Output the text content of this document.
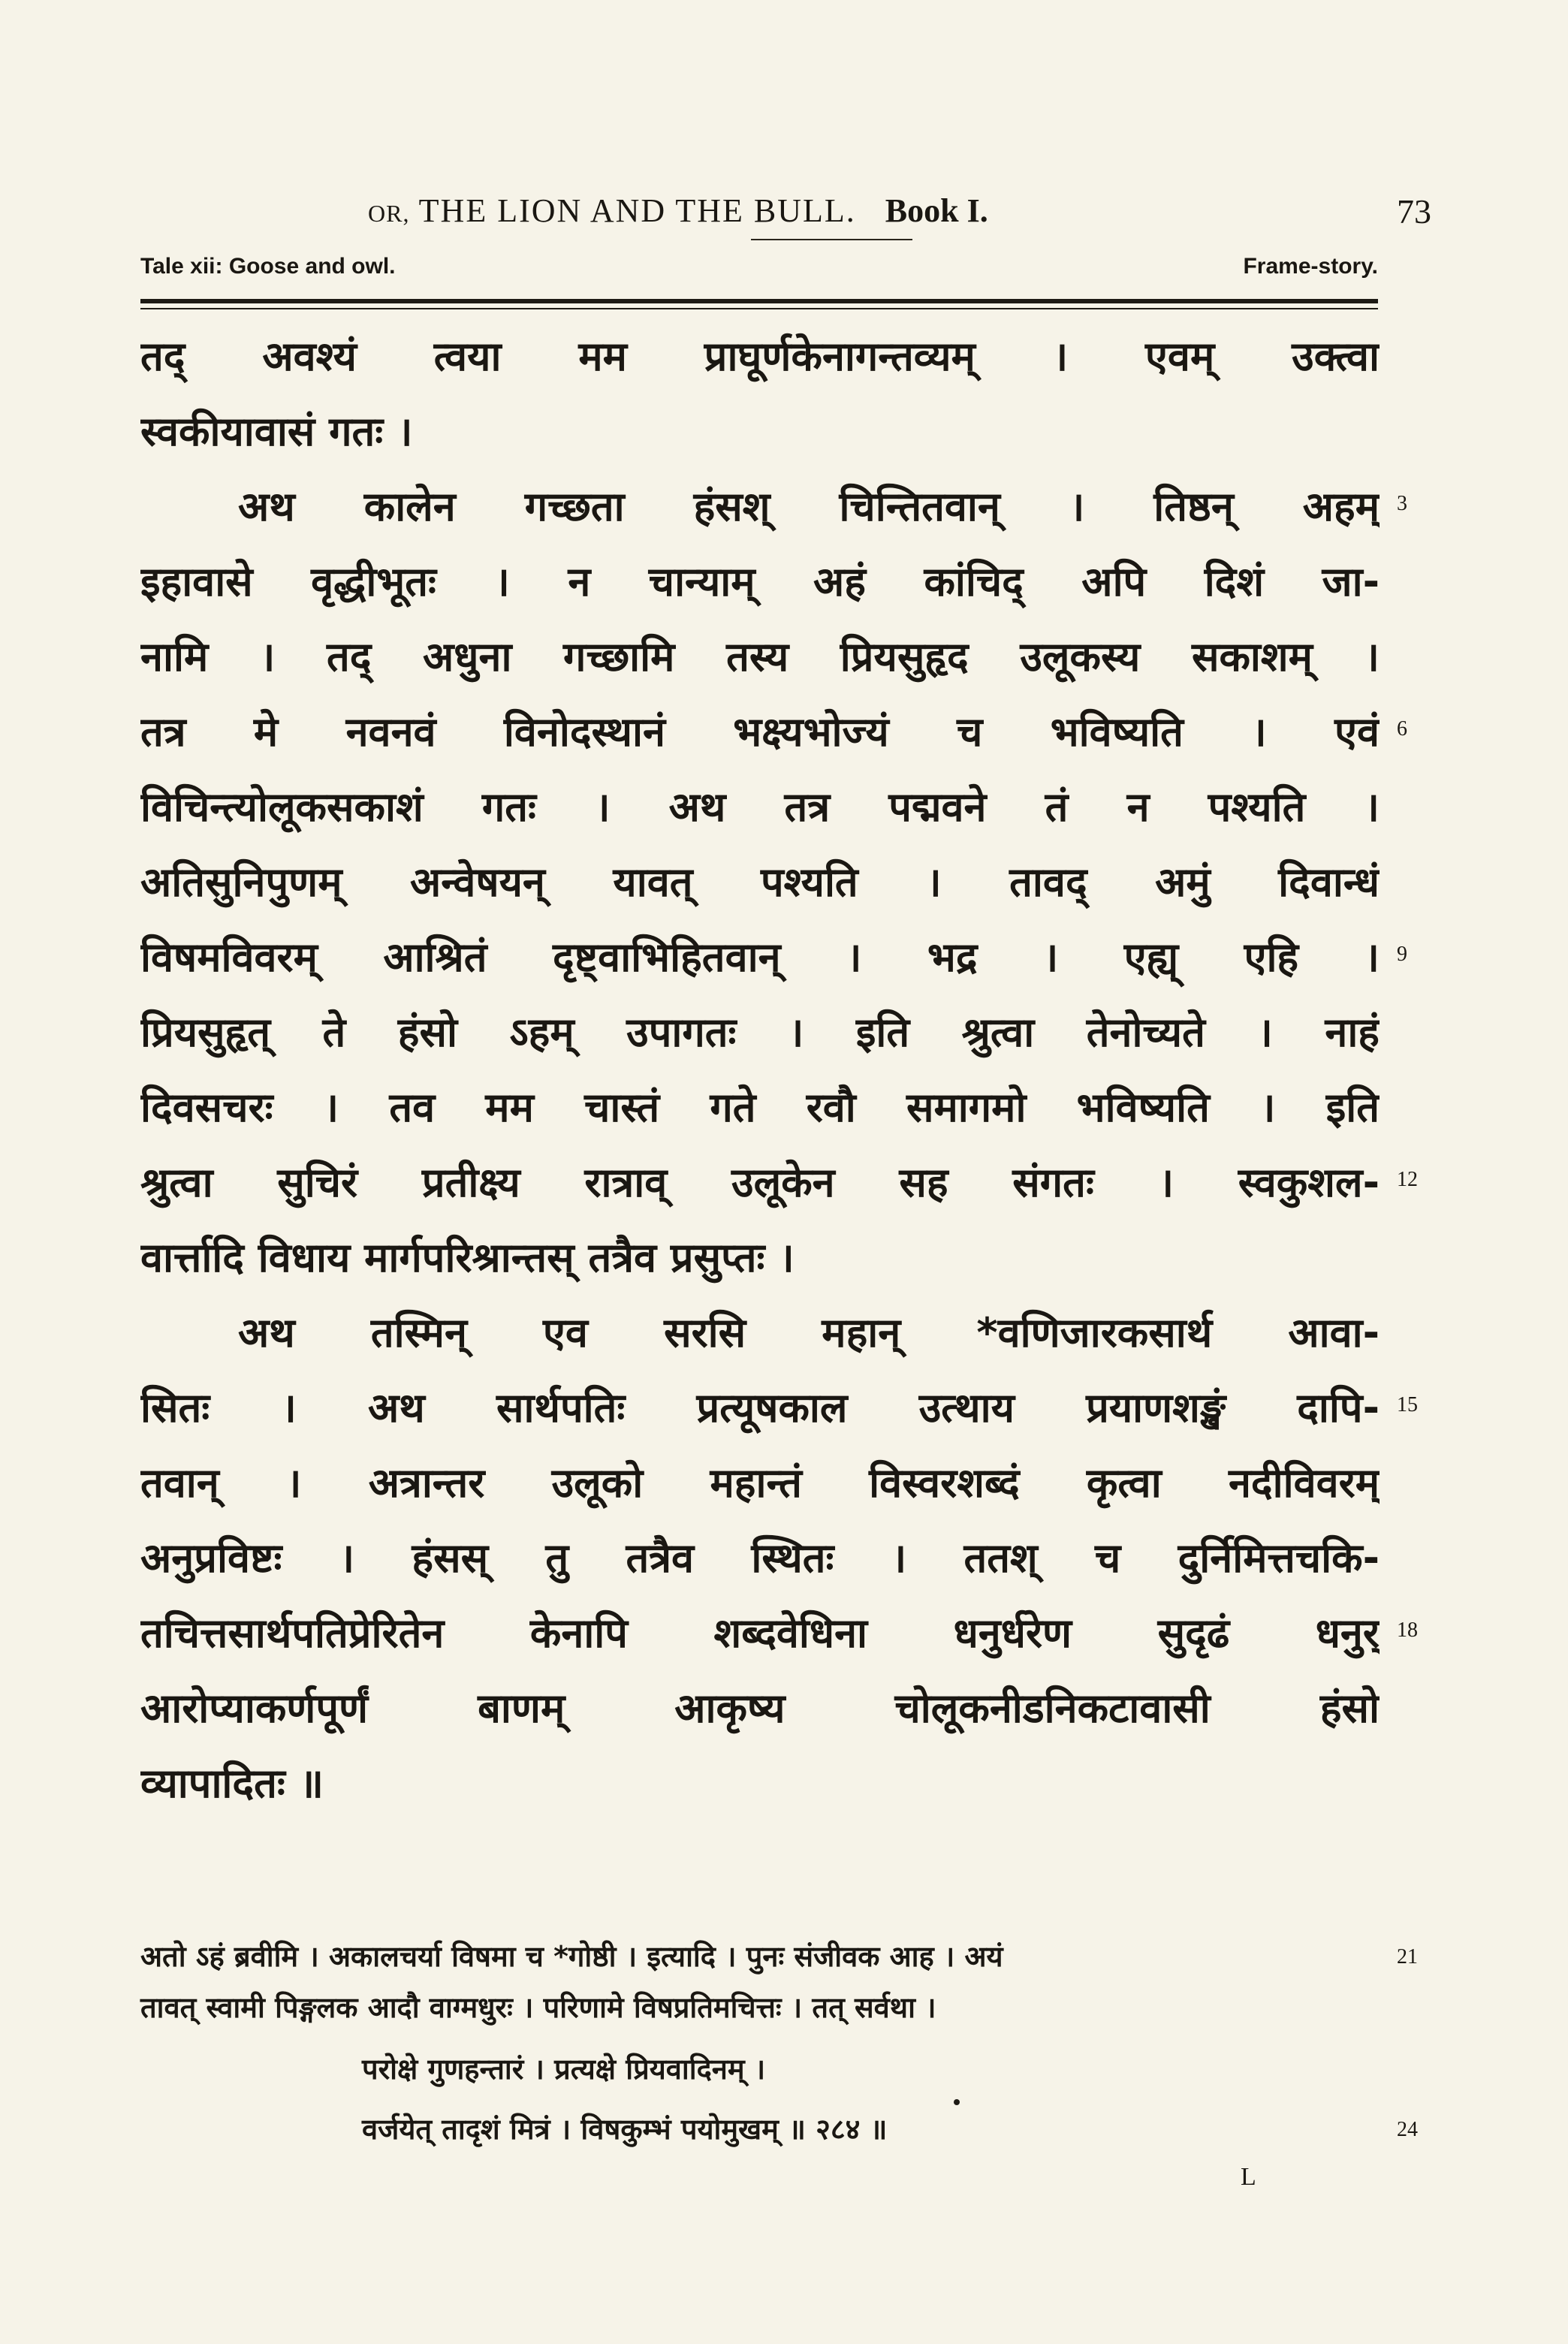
OR, THE LION AND THE BULL. Book I.	73
Tale xii: Goose and owl.	Frame-story.
तद् अवश्यं त्वया मम प्राघूर्णकेनागन्तव्यम् । एवम् उक्त्वा
स्वकीयावासं गतः ।
अथ कालेन गच्छता हंसश् चिन्तितवान् । तिष्ठन् अहम्
इहावासे वृद्धीभूतः । न चान्याम् अहं कांचिद् अपि दिशं जा-
नामि । तद् अधुना गच्छामि तस्य प्रियसुहृद उलूकस्य सकाशम् ।
तत्र मे नवनवं विनोदस्थानं भक्ष्यभोज्यं च भविष्यति । एवं
विचिन्त्योलूकसकाशं गतः । अथ तत्र पद्मवने तं न पश्यति ।
अतिसुनिपुणम् अन्वेषयन् यावत् पश्यति । तावद् अमुं दिवान्धं
विषमविवरम् आश्रितं दृष्ट्वाभिहितवान् । भद्र । एह्य् एहि ।
प्रियसुहृत् ते हंसो ऽहम् उपागतः । इति श्रुत्वा तेनोच्यते । नाहं
दिवसचरः । तव मम चास्तं गते रवौ समागमो भविष्यति । इति
श्रुत्वा सुचिरं प्रतीक्ष्य रात्राव् उलूकेन सह संगतः । स्वकुशल-
वार्त्तादि विधाय मार्गपरिश्रान्तस् तत्रैव प्रसुप्तः ।
अथ तस्मिन् एव सरसि महान् *वणिजारकसार्थ आवा-
सितः । अथ सार्थपतिः प्रत्यूषकाल उत्थाय प्रयाणशङ्खं दापि-
तवान् । अत्रान्तर उलूको महान्तं विस्वरशब्दं कृत्वा नदीविवरम्
अनुप्रविष्टः । हंसस् तु तत्रैव स्थितः । ततश् च दुर्निमित्तचकि-
तचित्तसार्थपतिप्रेरितेन केनापि शब्दवेधिना धनुर्धरेण सुदृढं धनुर्
आरोप्याकर्णपूर्णं बाणम् आकृष्य चोलूकनीडनिकटावासी हंसो
व्यापादितः ॥
3
6
9
12
15
18
21
24
अतो ऽहं ब्रवीमि । अकालचर्या विषमा च *गोष्ठी । इत्यादि । पुनः संजीवक आह । अयं
तावत् स्वामी पिङ्गलक आदौ वाग्मधुरः । परिणामे विषप्रतिमचित्तः । तत् सर्वथा ।
परोक्षे गुणहन्तारं । प्रत्यक्षे प्रियवादिनम् ।
वर्जयेत् तादृशं मित्रं । विषकुम्भं पयोमुखम् ॥ २८४ ॥
L
